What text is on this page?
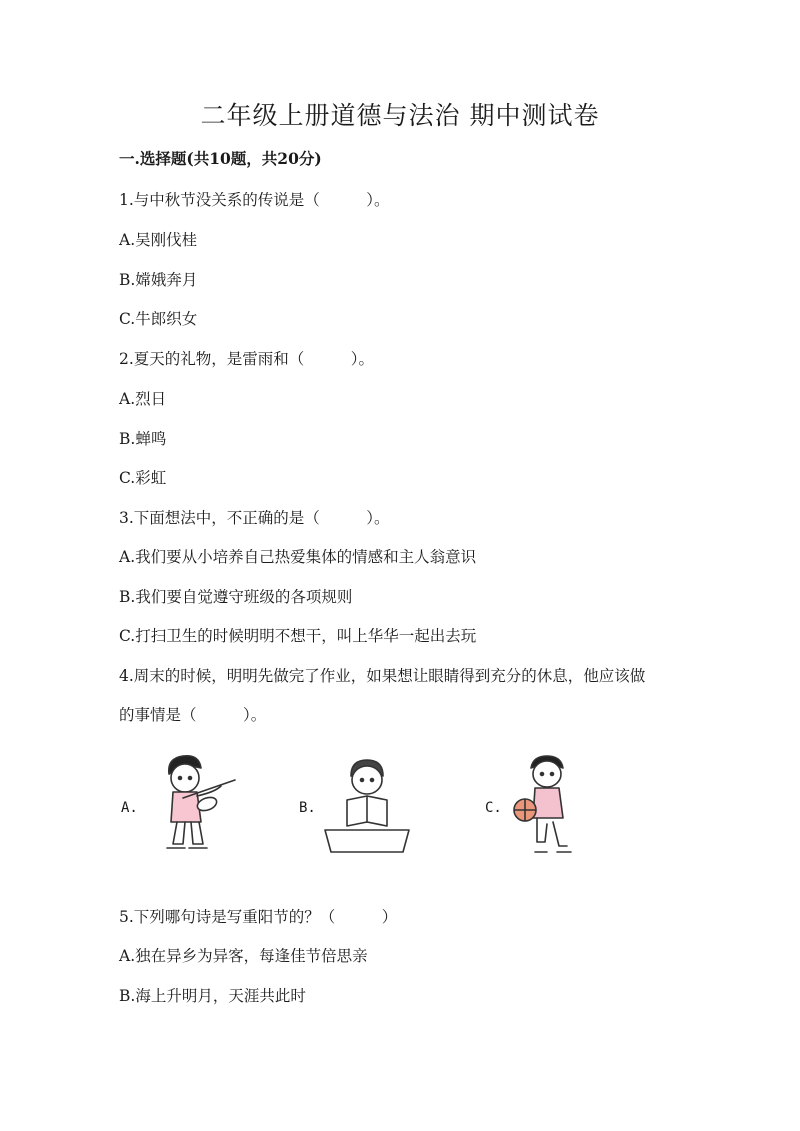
二年级上册道德与法治 期中测试卷
一.选择题(共10题，共20分)
1.与中秋节没关系的传说是（　　　）。
A.吴刚伐桂
B.嫦娥奔月
C.牛郎织女
2.夏天的礼物，是雷雨和（　　　）。
A.烈日
B.蝉鸣
C.彩虹
3.下面想法中，不正确的是（　　　）。
A.我们要从小培养自己热爱集体的情感和主人翁意识
B.我们要自觉遵守班级的各项规则
C.打扫卫生的时候明明不想干，叫上华华一起出去玩
4.周末的时候，明明先做完了作业，如果想让眼睛得到充分的休息，他应该做
的事情是（　　　）。
A.	B.	C.
5.下列哪句诗是写重阳节的？（　　　）
A.独在异乡为异客，每逢佳节倍思亲
B.海上升明月，天涯共此时
